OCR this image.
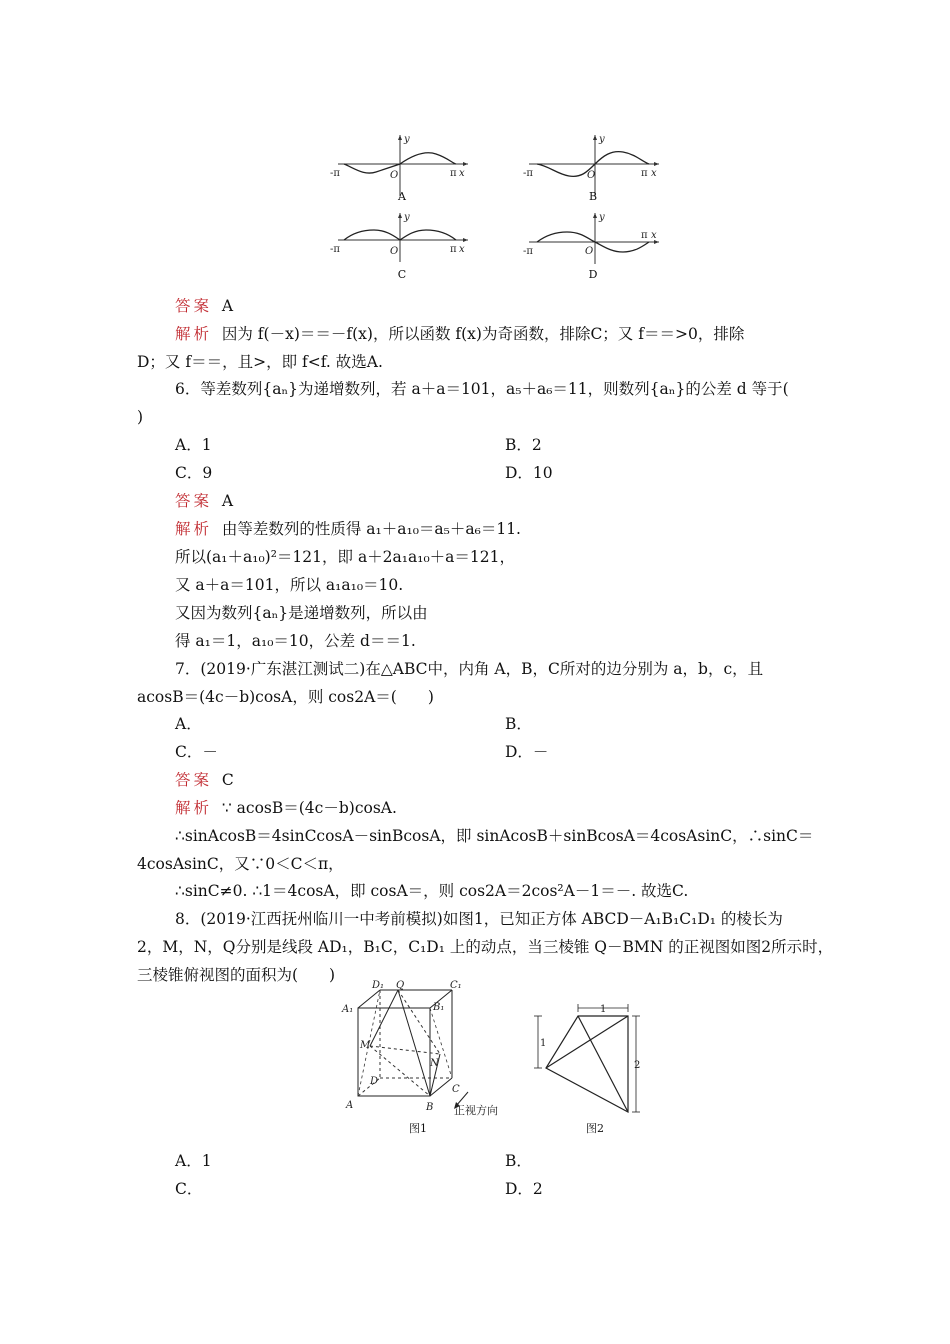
-π	π x
y
O
A
-π	π x
y
O
B
-π	π x
y
O
C
-π
π x
y
O
D
答案 A
解析 因为 f(－x)＝＝－f(x)，所以函数 f(x)为奇函数，排除C；又 f＝＝>0，排除
D；又 f＝＝，且>，即 f<f. 故选A.
6．等差数列{aₙ}为递增数列，若 a＋a＝101，a₅＋a₆＝11，则数列{aₙ}的公差 d 等于(
)
A．1	B．2
C．9	D．10
答案 A
解析 由等差数列的性质得 a₁＋a₁₀＝a₅＋a₆＝11.
所以(a₁＋a₁₀)²＝121，即 a＋2a₁a₁₀＋a＝121，
又 a＋a＝101，所以 a₁a₁₀＝10.
又因为数列{aₙ}是递增数列，所以由
得 a₁＝1，a₁₀＝10，公差 d＝＝1.
7．(2019·广东湛江测试二)在△ABC中，内角 A，B，C所对的边分别为 a，b，c，且
acosB＝(4c－b)cosA，则 cos2A＝(　　)
A．	B．
C．－	D．－
答案 C
解析 ∵ acosB＝(4c－b)cosA.
∴sinAcosB＝4sinCcosA－sinBcosA，即 sinAcosB＋sinBcosA＝4cosAsinC，∴sinC＝
4cosAsinC，又∵0＜C＜π，
∴sinC≠0. ∴1＝4cosA，即 cosA＝，则 cos2A＝2cos²A－1＝－. 故选C.
8．(2019·江西抚州临川一中考前模拟)如图1，已知正方体 ABCD－A₁B₁C₁D₁ 的棱长为
2，M，N，Q分别是线段 AD₁，B₁C，C₁D₁ 上的动点，当三棱锥 Q－BMN 的正视图如图2所示时，
三棱锥俯视图的面积为(　　)
A	B
C
D
A₁	B₁
C₁
D₁
M
N
Q
正视方向
图1
1
1
2
图2
A．1	B．
C．	D．2
